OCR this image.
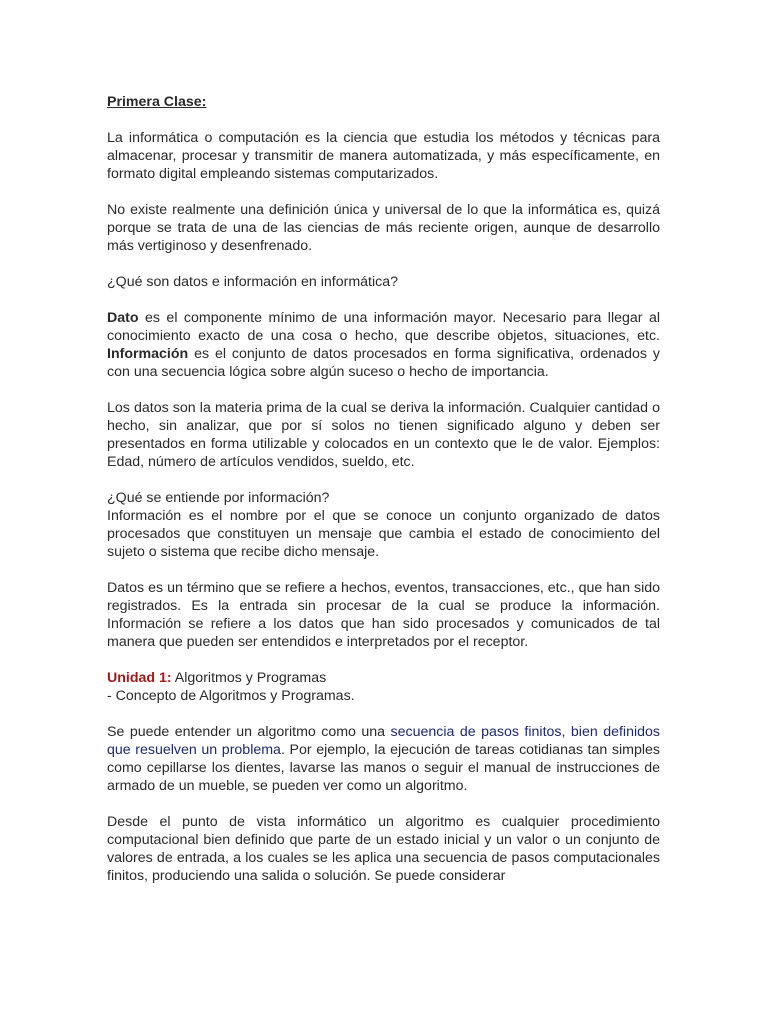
Primera Clase:

La informática o computación es la ciencia que estudia los métodos y técnicas para almacenar, procesar y transmitir de manera automatizada, y más específicamente, en formato digital empleando sistemas computarizados.

No existe realmente una definición única y universal de lo que la informática es, quizá porque se trata de una de las ciencias de más reciente origen, aunque de desarrollo más vertiginoso y desenfrenado.

¿Qué son datos e información en informática?

Dato es el componente mínimo de una información mayor. Necesario para llegar al conocimiento exacto de una cosa o hecho, que describe objetos, situaciones, etc. Información es el conjunto de datos procesados en forma significativa, ordenados y con una secuencia lógica sobre algún suceso o hecho de importancia.

Los datos son la materia prima de la cual se deriva la información. Cualquier cantidad o hecho, sin analizar, que por sí solos no tienen significado alguno y deben ser presentados en forma utilizable y colocados en un contexto que le de valor. Ejemplos: Edad, número de artículos vendidos, sueldo, etc.

¿Qué se entiende por información?

Información es el nombre por el que se conoce un conjunto organizado de datos procesados que constituyen un mensaje que cambia el estado de conocimiento del sujeto o sistema que recibe dicho mensaje.

Datos es un término que se refiere a hechos, eventos, transacciones, etc., que han sido registrados. Es la entrada sin procesar de la cual se produce la información. Información se refiere a los datos que han sido procesados y comunicados de tal manera que pueden ser entendidos e interpretados por el receptor.

Unidad 1: Algoritmos y Programas

- Concepto de Algoritmos y Programas.

Se puede entender un algoritmo como una secuencia de pasos finitos, bien definidos que resuelven un problema. Por ejemplo, la ejecución de tareas cotidianas tan simples como cepillarse los dientes, lavarse las manos o seguir el manual de instrucciones de armado de un mueble, se pueden ver como un algoritmo.

Desde el punto de vista informático un algoritmo es cualquier procedimiento computacional bien definido que parte de un estado inicial y un valor o un conjunto de valores de entrada, a los cuales se les aplica una secuencia de pasos computacionales finitos, produciendo una salida o solución. Se puede considerar
